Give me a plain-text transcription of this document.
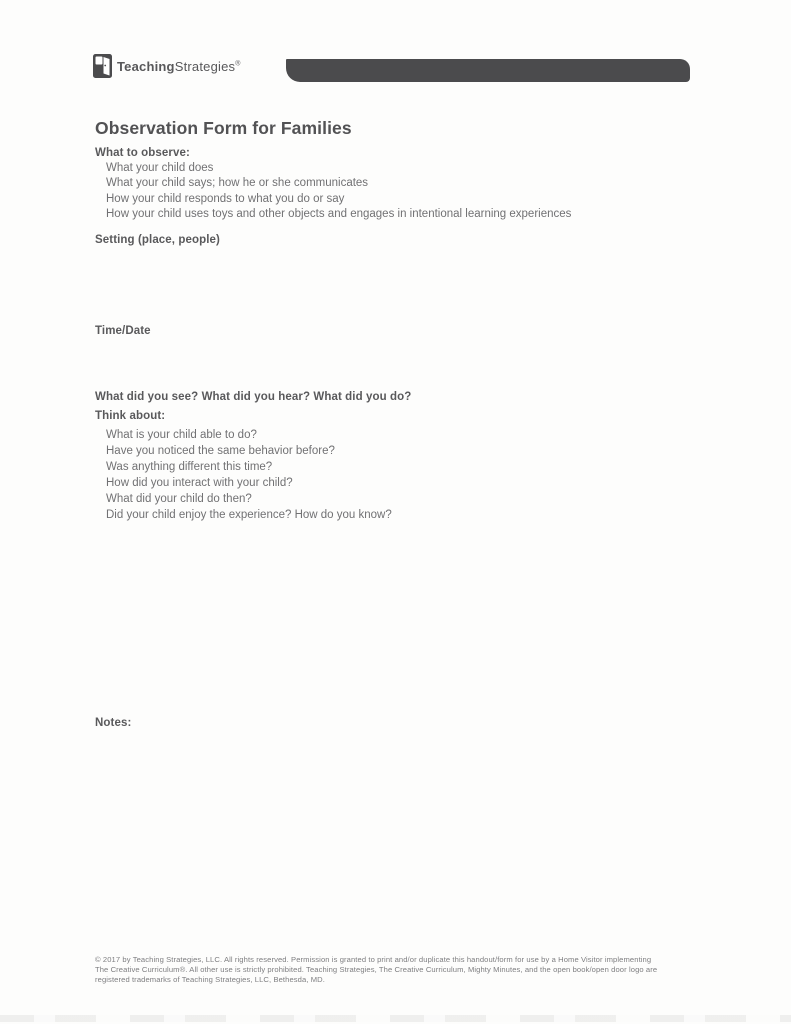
TeachingStrategies®
Observation Form for Families
What to observe:
What your child does
What your child says; how he or she communicates
How your child responds to what you do or say
How your child uses toys and other objects and engages in intentional learning experiences
Setting (place, people)
Time/Date
What did you see? What did you hear? What did you do?
Think about:
What is your child able to do?
Have you noticed the same behavior before?
Was anything different this time?
How did you interact with your child?
What did your child do then?
Did your child enjoy the experience? How do you know?
Notes:
© 2017 by Teaching Strategies, LLC. All rights reserved. Permission is granted to print and/or duplicate this handout/form for use by a Home Visitor implementing
The Creative Curriculum®. All other use is strictly prohibited. Teaching Strategies, The Creative Curriculum, Mighty Minutes, and the open book/open door logo are
registered trademarks of Teaching Strategies, LLC, Bethesda, MD.
